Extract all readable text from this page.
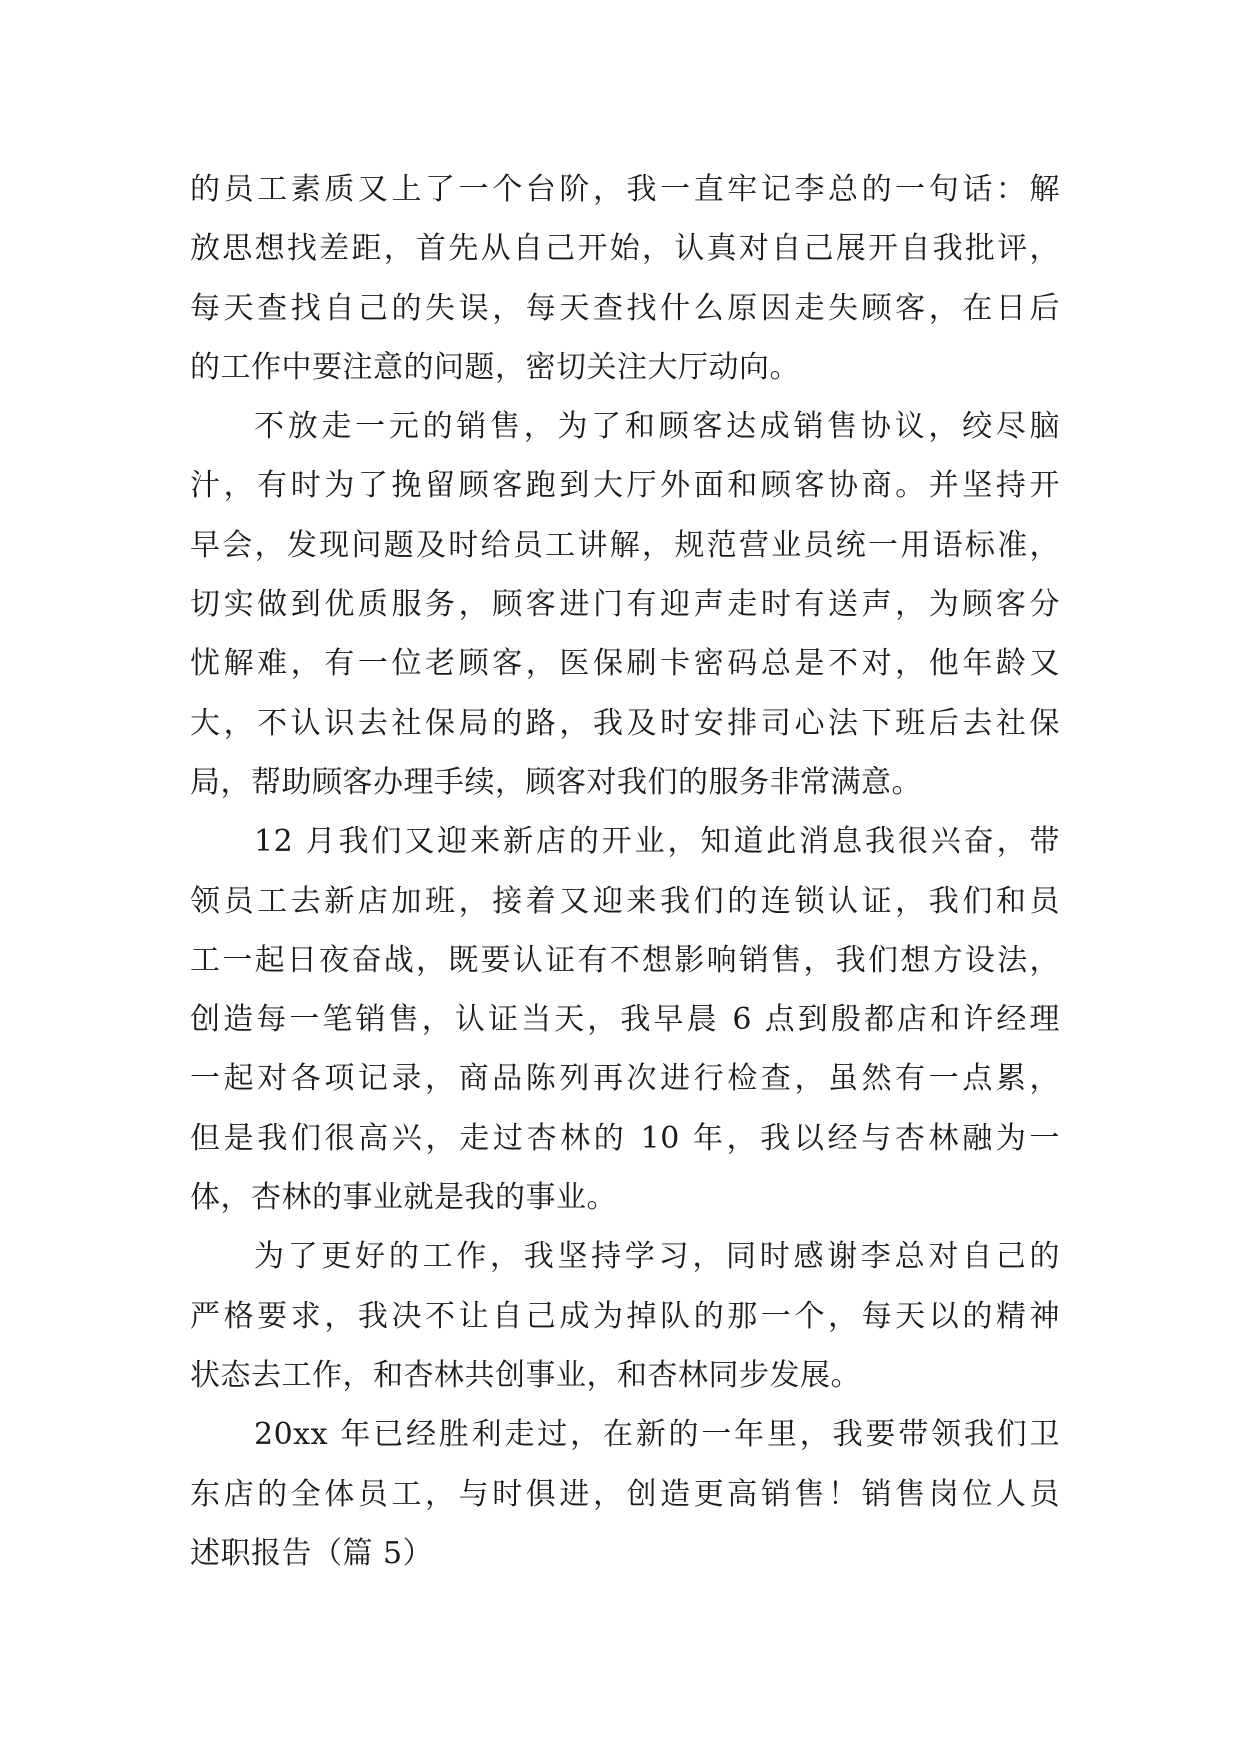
的员工素质又上了一个台阶，我一直牢记李总的一句话：解
放思想找差距，首先从自己开始，认真对自己展开自我批评，
每天查找自己的失误，每天查找什么原因走失顾客，在日后
的工作中要注意的问题，密切关注大厅动向。
不放走一元的销售，为了和顾客达成销售协议，绞尽脑
汁，有时为了挽留顾客跑到大厅外面和顾客协商。并坚持开
早会，发现问题及时给员工讲解，规范营业员统一用语标准，
切实做到优质服务，顾客进门有迎声走时有送声，为顾客分
忧解难，有一位老顾客，医保刷卡密码总是不对，他年龄又
大，不认识去社保局的路，我及时安排司心法下班后去社保
局，帮助顾客办理手续，顾客对我们的服务非常满意。
12 月我们又迎来新店的开业，知道此消息我很兴奋，带
领员工去新店加班，接着又迎来我们的连锁认证，我们和员
工一起日夜奋战，既要认证有不想影响销售，我们想方设法，
创造每一笔销售，认证当天，我早晨 6 点到殷都店和许经理
一起对各项记录，商品陈列再次进行检查，虽然有一点累，
但是我们很高兴，走过杏林的 10 年，我以经与杏林融为一
体，杏林的事业就是我的事业。
为了更好的工作，我坚持学习，同时感谢李总对自己的
严格要求，我决不让自己成为掉队的那一个，每天以的精神
状态去工作，和杏林共创事业，和杏林同步发展。
20xx 年已经胜利走过，在新的一年里，我要带领我们卫
东店的全体员工，与时俱进，创造更高销售！销售岗位人员
述职报告（篇 5）
